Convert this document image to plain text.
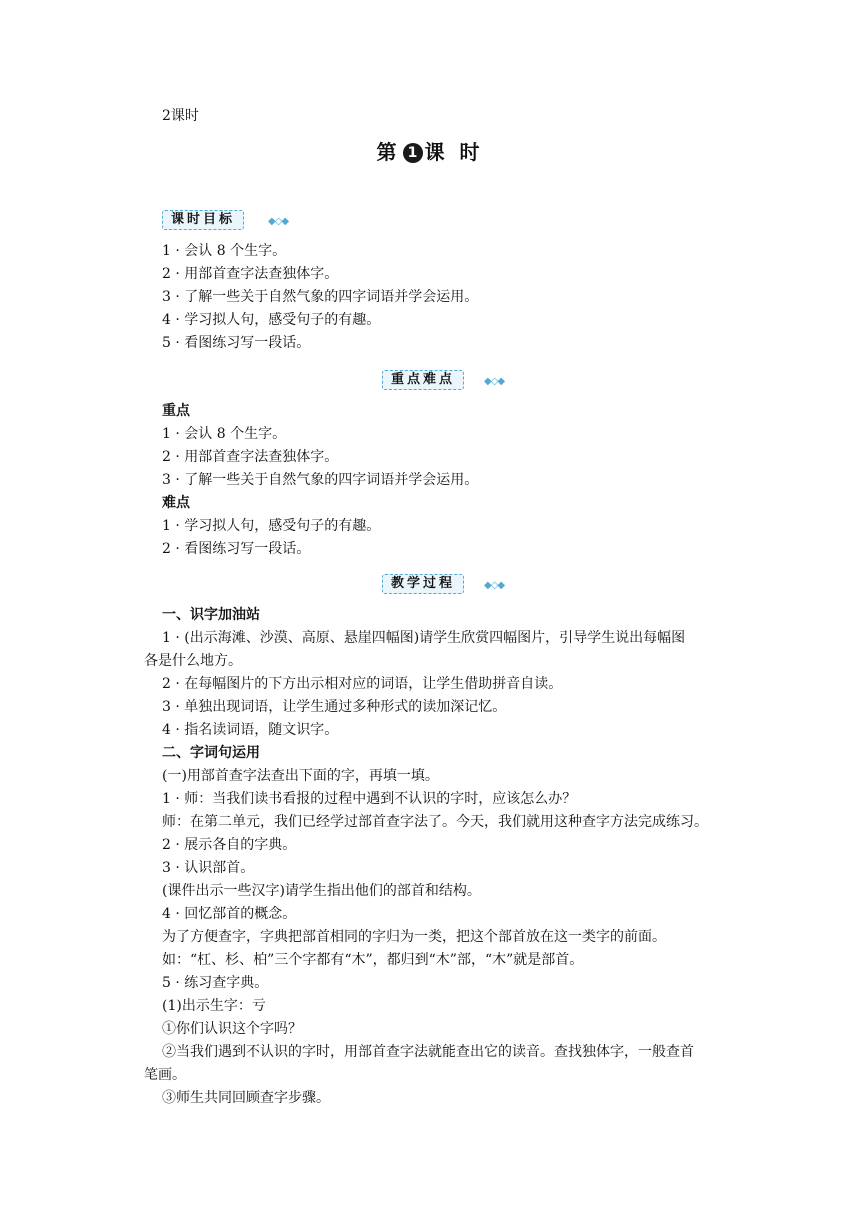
2课时
第 1 课 时
课时目标	◆◇◆
1 · 会认 8 个生字。
2 · 用部首查字法查独体字。
3 · 了解一些关于自然气象的四字词语并学会运用。
4 · 学习拟人句，感受句子的有趣。
5 · 看图练习写一段话。
重点难点	◆◇◆
重点
1 · 会认 8 个生字。
2 · 用部首查字法查独体字。
3 · 了解一些关于自然气象的四字词语并学会运用。
难点
1 · 学习拟人句，感受句子的有趣。
2 · 看图练习写一段话。
教学过程	◆◇◆
一、识字加油站
1 · (出示海滩、沙漠、高原、悬崖四幅图)请学生欣赏四幅图片，引导学生说出每幅图
各是什么地方。
2 · 在每幅图片的下方出示相对应的词语，让学生借助拼音自读。
3 · 单独出现词语，让学生通过多种形式的读加深记忆。
4 · 指名读词语，随文识字。
二、字词句运用
(一)用部首查字法查出下面的字，再填一填。
1 · 师：当我们读书看报的过程中遇到不认识的字时，应该怎么办？
师：在第二单元，我们已经学过部首查字法了。今天，我们就用这种查字方法完成练习。
2 · 展示各自的字典。
3 · 认识部首。
(课件出示一些汉字)请学生指出他们的部首和结构。
4 · 回忆部首的概念。
为了方便查字，字典把部首相同的字归为一类，把这个部首放在这一类字的前面。
如：“杠、杉、柏”三个字都有“木”，都归到“木”部，“木”就是部首。
5 · 练习查字典。
(1)出示生字：亏
①你们认识这个字吗？
②当我们遇到不认识的字时，用部首查字法就能查出它的读音。查找独体字，一般查首
笔画。
③师生共同回顾查字步骤。
